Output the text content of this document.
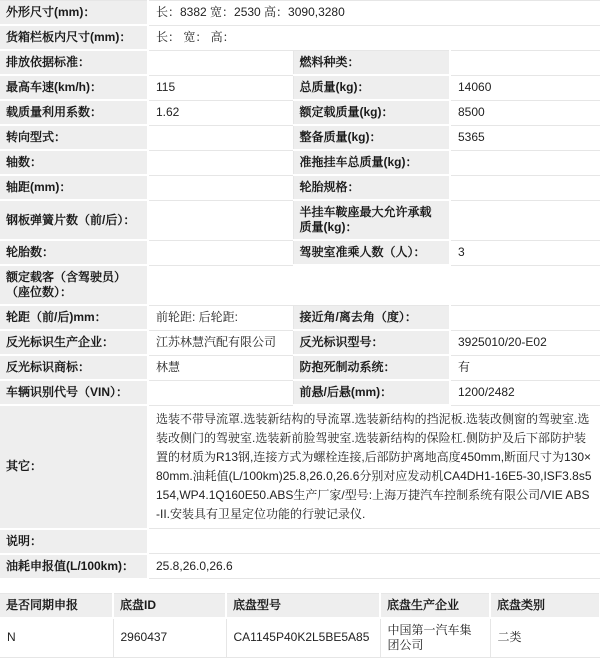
外形尺寸(mm)：	长：8382 宽：2530 高：3090,3280		
货箱栏板内尺寸(mm)：	长： 宽： 高：		
排放依据标准：		燃料种类：	
最高车速(km/h)：	115	总质量(kg)：	14060
载质量利用系数：	1.62	额定载质量(kg)：	8500
转向型式：		整备质量(kg)：	5365
轴数：		准拖挂车总质量(kg)：	
轴距(mm)：		轮胎规格：	
钢板弹簧片数（前/后）：		半挂车鞍座最大允许承载质量(kg)：	
轮胎数：		驾驶室准乘人数（人）：	3
额定载客（含驾驶员）（座位数）：			
轮距（前/后)mm：	前轮距: 后轮距:	接近角/离去角（度）：	
反光标识生产企业：	江苏林慧汽配有限公司	反光标识型号：	3925010/20-E02
反光标识商标：	林慧	防抱死制动系统：	有
车辆识别代号（VIN）：		前悬/后悬(mm)：	1200/2482
其它：	选装不带导流罩.选装新结构的导流罩.选装新结构的挡泥板.选装改侧窗的驾驶室.选装改侧门的驾驶室.选装新前脸驾驶室.选装新结构的保险杠.侧防护及后下部防护装置的材质为R13钢,连接方式为螺栓连接,后部防护离地高度450mm,断面尺寸为130×80mm.油耗值(L/100km)25.8,26.0,26.6分别对应发动机CA4DH1-16E5-30,ISF3.8s5154,WP4.1Q160E50.ABS生产厂家/型号:上海万捷汽车控制系统有限公司/VIE ABS-II.安装具有卫星定位功能的行驶记录仪.		
说明：			
油耗申报值(L/100km)：	25.8,26.0,26.6		
是否同期申报	底盘ID	底盘型号	底盘生产企业	底盘类别
N	2960437	CA1145P40K2L5BE5A85	中国第一汽车集团公司	二类
